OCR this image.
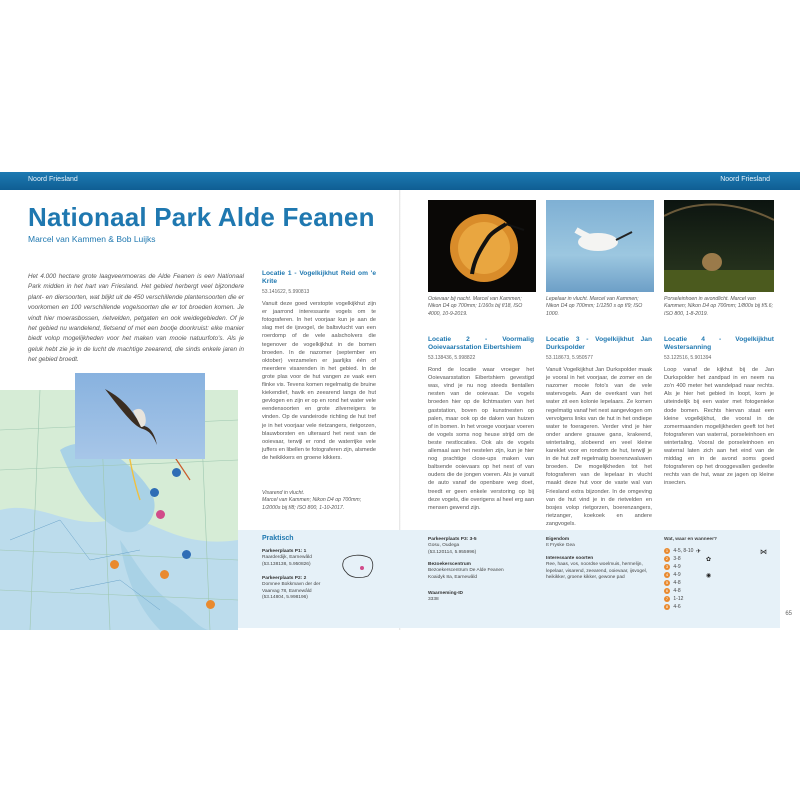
Noord Friesland	Noord Friesland
Nationaal Park Alde Feanen
Marcel van Kammen & Bob Luijks
Het 4.000 hectare grote laagveenmoeras de Alde Feanen is een Nationaal Park midden in het hart van Friesland. Het gebied herbergt veel bijzondere plant- en diersoorten, wat blijkt uit de 450 verschillende plantensoorten die er voorkomen en 100 verschillende vogelsoorten die er tot broeden komen. Je vindt hier moerasbossen, rietvelden, petgaten en ook weidegebieden. Of je het gebied nu wandelend, fietsend of met een bootje doorkruist: elke manier biedt volop mogelijkheden voor het maken van mooie natuurfoto's. Als je geluk hebt zie je in de lucht de machtige zeearend, die sinds enkele jaren in het gebied broedt.
Locatie 1 - Vogelkijkhut Reid om 'e Krite
53.141622, 5.990813
Vanuit deze goed verstopte vogelkijkhut zijn er jaarrond interessante vogels om te fotograferen. In het voorjaar kun je aan de slag met de ijsvogel, de baltsvlucht van een roerdomp of de vele aalscholvers die tegenover de vogelkijkhut in de bomen broeden. In de nazomer (september en oktober) verzamelen er jaarlijks één of meerdere visarenden in het gebied. In de grote plas voor de hut vangen ze vaak een flinke vis. Tevens komen regelmatig de bruine kiekendief, havik en zeearend langs de hut gevlogen en zijn er op en rond het water vele eendensoorten en grote zilverreigers te vinden. Op de vandeirode richting de hut tref je in het voorjaar vele rietzangers, rietgorzen, blauwborsten en ulteraard het nest van de ooievaar, terwijl er rond de waterrijke vele juffers en libellen te fotograferen zijn, alsmede de heikikkers en groene kikkers.
Visarend in vlucht.
Marcel van Kammen; Nikon D4 op 700mm;
1/2000s bij f/8; ISO 800, 1-10-2017.
Ooievaar bij nacht. Marcel van Kammen; Nikon D4 op 700mm; 1/160s bij f/18, ISO 4000, 10-9-2019.
Lepelaar in vlucht. Marcel van Kammen; Nikon D4 op 700mm; 1/1250 s op f/9; ISO 1000.
Porseleinhoen in avondlicht. Marcel van Kammen; Nikon D4 op 700mm; 1/800s bij f/5.6; ISO 800, 1-8-2019.
Locatie 2 - Voormalig Ooievaarsstation Eibertshiem
53.138436, 5.998822
Rond de locatie waar vroeger het Ooievaarsstation Eibertshiem gevestigd was, vind je nu nog steeds tientallen nesten van de ooievaar. De vogels broeden hier op de lichtmasten van het gaststation, boven op kunstnesten op palen, maar ook op de daken van huizen of in bomen. In het vroege voorjaar voeren de vogels soms nog heuse strijd om de beste nestlocaties. Ook als de vogels allemaal aan het nestelen zijn, kun je hier nog prachtige close-ups maken van baltsende ooievaars op het nest of van ouders die de jongen voeren. Als je vanuit de auto vanaf de openbare weg doet, treedt er geen enkele verstoring op bij deze vogels, die overigens al heel erg aan mensen gewend zijn.
Locatie 3 - Vogelkijkhut Jan Durkspolder
53.118673, 5.950577
Vanuit Vogelkijkhut Jan Durkspolder maak je vooral in het voorjaar, de zomer en de nazomer mooie foto's van de vele watervogels. Aan de overkant van het water zit een kolonie lepelaars. Ze komen regelmatig vanaf het nest aangevlogen om vervolgens links van de hut in het ondiepe water te foerageren. Verder vind je hier onder andere grauwe gans, krakeend, wintertaling, slobeend en veel kleine kareklet voor en rondom de hut, terwijl je in de hut zelf regelmatig boerenzwaluwen broeden. De mogelijkheden tot het fotograferen van de lepelaar in vlucht maakt deze hut voor de vaste wal van Friesland extra bijzonder. In de omgeving van de hut vind je in de rietvelden en bosjes volop rietgorzen, boerenzangers, rietzanger, koekoek en andere zangvogels.
Locatie 4 - Vogelkijkhut Westersanning
53.122516, 5.901394
Loop vanaf de kijkhut bij de Jan Durkspolder het zandpad in en neem na zo'n 400 meter het wandelpad naar rechts. Als je hier het gebied in loopt, kom je uiteindelijk bij een water met fotogenieke dode bomen. Rechts hiervan staat een kleine vogelkijkhut, die vooral in de zomermaanden mogelijkheden geeft tot het fotograferen van waterral, porseleinhoen en wintertaling. Vooral de porseleinhoen en waterral laten zich aan het eind van de middag en in de avond soms goed fotograferen op het drooggevallen gedeelte rechts van de hut, waar ze jagen op kleine insecten.
Praktisch
Parkeerplaats P1: 1
Raarderdijk, Earnewâld
(53.138138, 5.950826)
Parkeerplaats P2: 2
Domnee Bokkmavn der der
Vaarvag 78, Earnewâld
(53.14804, 5.998196)
Parkeerplaats P3: 3-5
Gosu, Oudega
(53.120114, 5.955996)
Bezoekerscentrum
Bezoekerscentrum De Alde Feanen
Koaidyk 8a, Earnewâld
Waarneming-ID
3338
Eigendom
It Fryske Gea
Interessante soorten
Ree, haas, vos, noordse woelmuis, hermelijn, lepelaar, visarend, zeearend, ooievaar, ijsvogel, heikikker, groene kikker, gewone pad
Wat, waar en wanneer?
1 4-5, 8-10
2 3-8
3 4-9
4 4-9
5 4-8
6 4-8
7 1-12
8 4-6
✈
✿
◉
⋈
65
